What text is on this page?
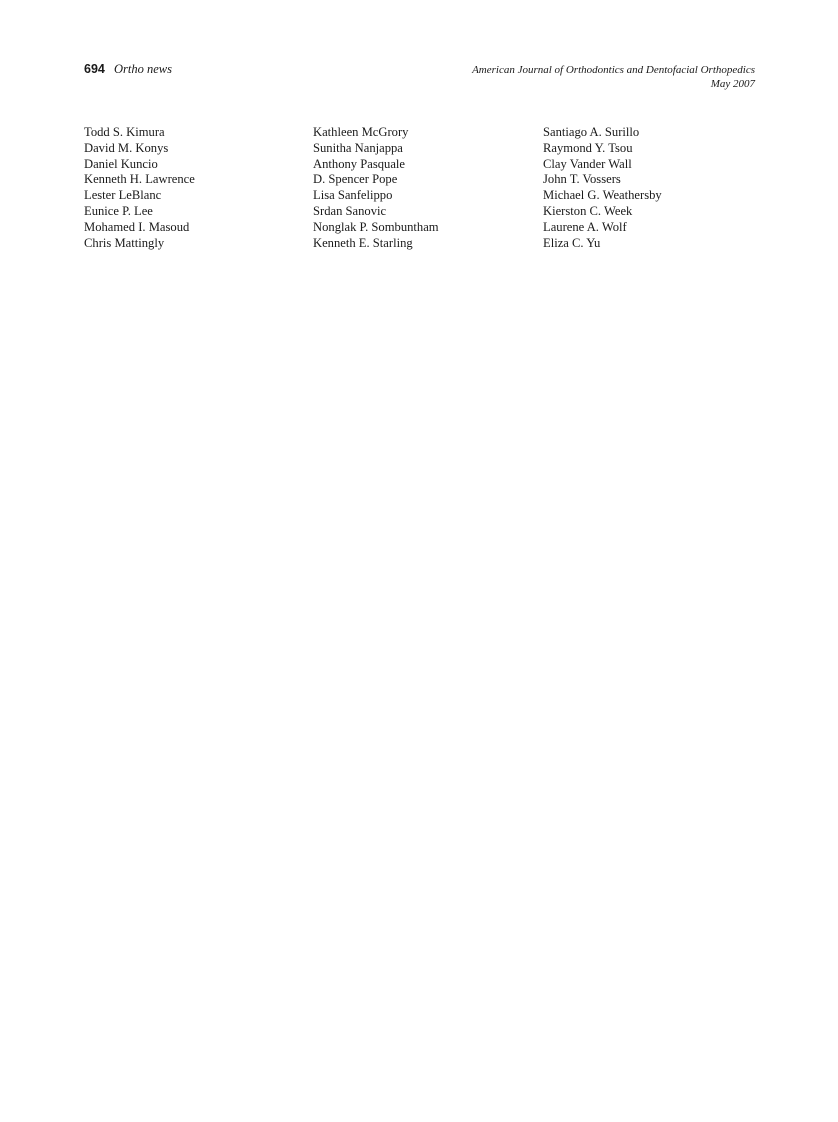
694 Ortho news	American Journal of Orthodontics and Dentofacial Orthopedics
May 2007
Todd S. Kimura
David M. Konys
Daniel Kuncio
Kenneth H. Lawrence
Lester LeBlanc
Eunice P. Lee
Mohamed I. Masoud
Chris Mattingly
Kathleen McGrory
Sunitha Nanjappa
Anthony Pasquale
D. Spencer Pope
Lisa Sanfelippo
Srdan Sanovic
Nonglak P. Sombuntham
Kenneth E. Starling
Santiago A. Surillo
Raymond Y. Tsou
Clay Vander Wall
John T. Vossers
Michael G. Weathersby
Kierston C. Week
Laurene A. Wolf
Eliza C. Yu
